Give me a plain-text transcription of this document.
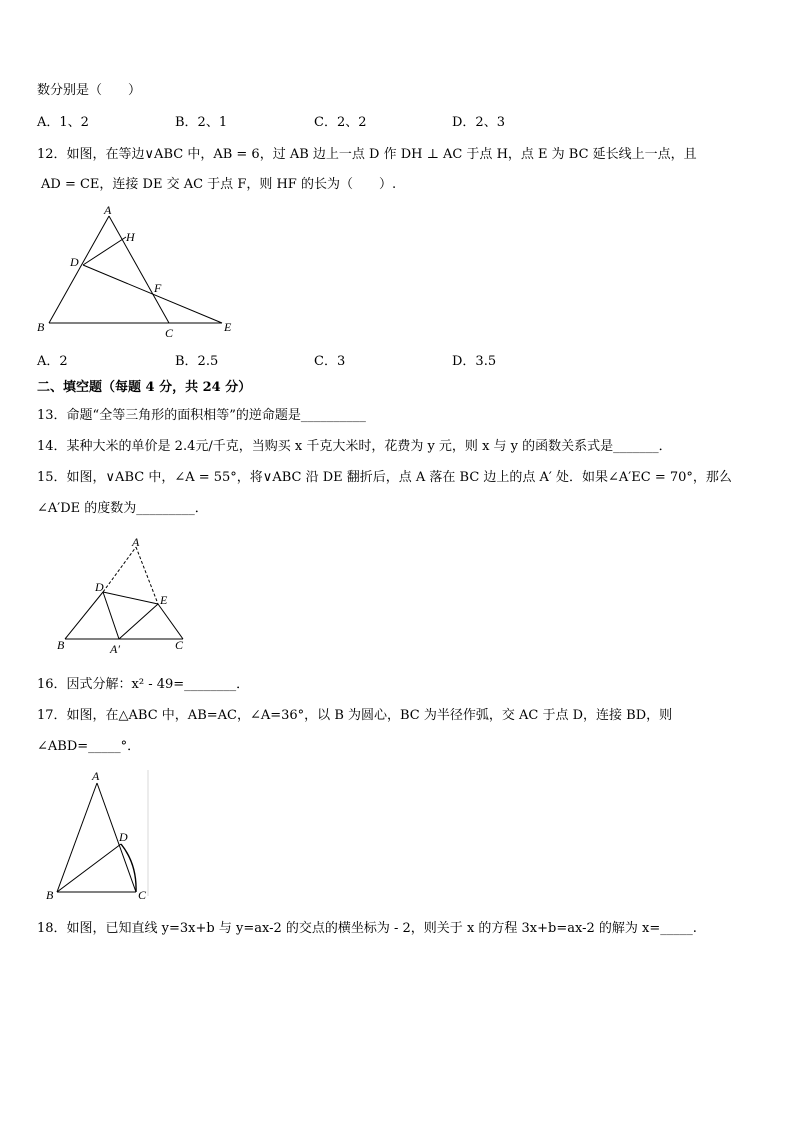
数分别是（　　）
A．1、2	B．2、1	C．2、2	D．2、3
12．如图，在等边∨ABC 中，AB = 6，过 AB 边上一点 D 作 DH ⊥ AC 于点 H，点 E 为 BC 延长线上一点，且
AD = CE，连接 DE 交 AC 于点 F，则 HF 的长为（　　）.
A
H
D
F
B	C	E
A．2	B．2.5	C．3	D．3.5
二、填空题（每题 4 分，共 24 分）
13．命题“全等三角形的面积相等”的逆命题是__________
14．某种大米的单价是 2.4元/千克，当购买 x 千克大米时，花费为 y 元，则 x 与 y 的函数关系式是_______．
15．如图，∨ABC 中，∠A = 55°，将∨ABC 沿 DE 翻折后，点 A 落在 BC 边上的点 A′ 处．如果∠A′EC = 70°，那么
∠A′DE 的度数为_________．
A
D
E
B	A′	C
16．因式分解：x² - 49=________．
17．如图，在△ABC 中，AB=AC，∠A=36°，以 B 为圆心，BC 为半径作弧，交 AC 于点 D，连接 BD，则
∠ABD=_____°．
A
D
B	C
18．如图，已知直线 y=3x+b 与 y=ax-2 的交点的横坐标为 - 2，则关于 x 的方程 3x+b=ax-2 的解为 x=_____.
